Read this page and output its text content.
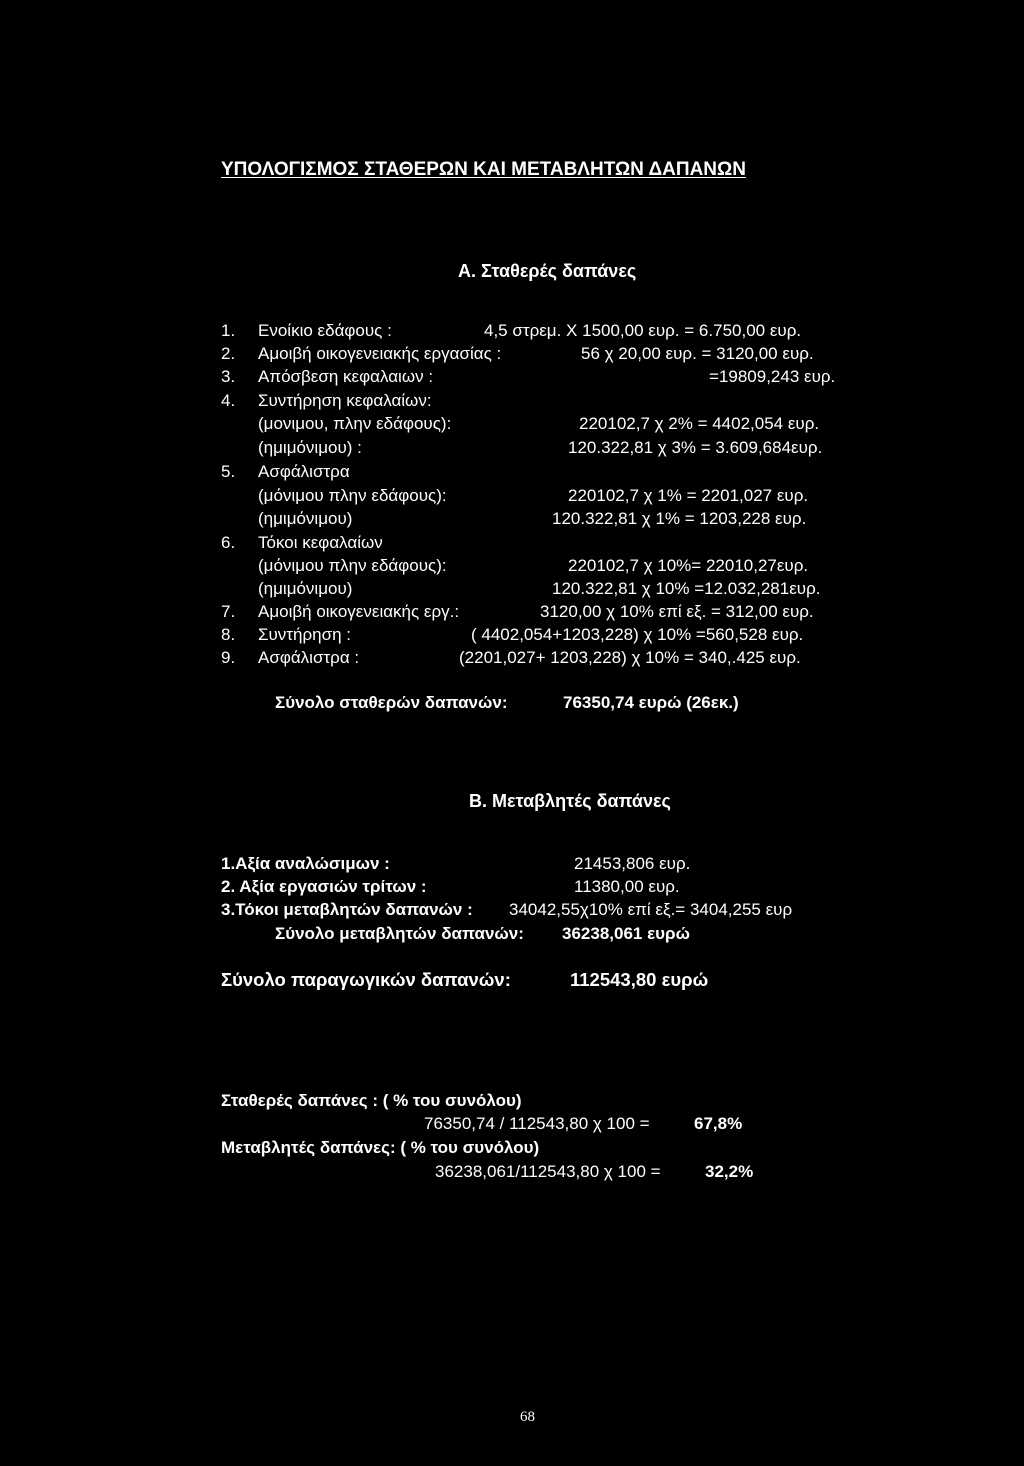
ΥΠΟΛΟΓΙΣΜΟΣ ΣΤΑΘΕΡΩΝ ΚΑΙ ΜΕΤΑΒΛΗΤΩΝ ΔΑΠΑΝΩΝ
Α. Σταθερές δαπάνες
1. Ενοίκιο εδάφους :	4,5 στρεμ. Χ 1500,00 ευρ. = 6.750,00 ευρ.
2. Αμοιβή οικογενειακής εργασίας :	56 χ 20,00 ευρ. = 3120,00 ευρ.
3. Απόσβεση κεφαλαιων :	=19809,243 ευρ.
4. Συντήρηση κεφαλαίων:
(μονιμου, πλην εδάφους):	220102,7 χ 2% = 4402,054 ευρ.
(ημιμόνιμου) :	120.322,81 χ 3% = 3.609,684ευρ.
5. Ασφάλιστρα
(μόνιμου πλην εδάφους):	220102,7 χ 1% = 2201,027 ευρ.
(ημιμόνιμου)	120.322,81 χ 1% = 1203,228 ευρ.
6. Τόκοι κεφαλαίων
(μόνιμου πλην εδάφους):	220102,7 χ 10%= 22010,27ευρ.
(ημιμόνιμου)	120.322,81 χ 10% =12.032,281ευρ.
7. Αμοιβή οικογενειακής εργ.:	3120,00 χ 10% επί εξ. = 312,00 ευρ.
8. Συντήρηση :	( 4402,054+1203,228) χ 10% =560,528 ευρ.
9. Ασφάλιστρα :	(2201,027+ 1203,228) χ 10% = 340,.425 ευρ.
Σύνολο σταθερών δαπανών:	76350,74 ευρώ (26εκ.)
Β. Μεταβλητές δαπάνες
1.Αξία αναλώσιμων :	21453,806 ευρ.
2. Αξία εργασιών τρίτων :	11380,00 ευρ.
3.Τόκοι μεταβλητών δαπανών : 34042,55χ10% επί εξ.= 3404,255 ευρ
Σύνολο μεταβλητών δαπανών: 36238,061 ευρώ
Σύνολο παραγωγικών δαπανών:	112543,80 ευρώ
Σταθερές δαπάνες : ( % του συνόλου)
76350,74 / 112543,80 χ 100 =	67,8%
Μεταβλητές δαπάνες: ( % του συνόλου)
36238,061/112543,80 χ 100 =	32,2%
68
